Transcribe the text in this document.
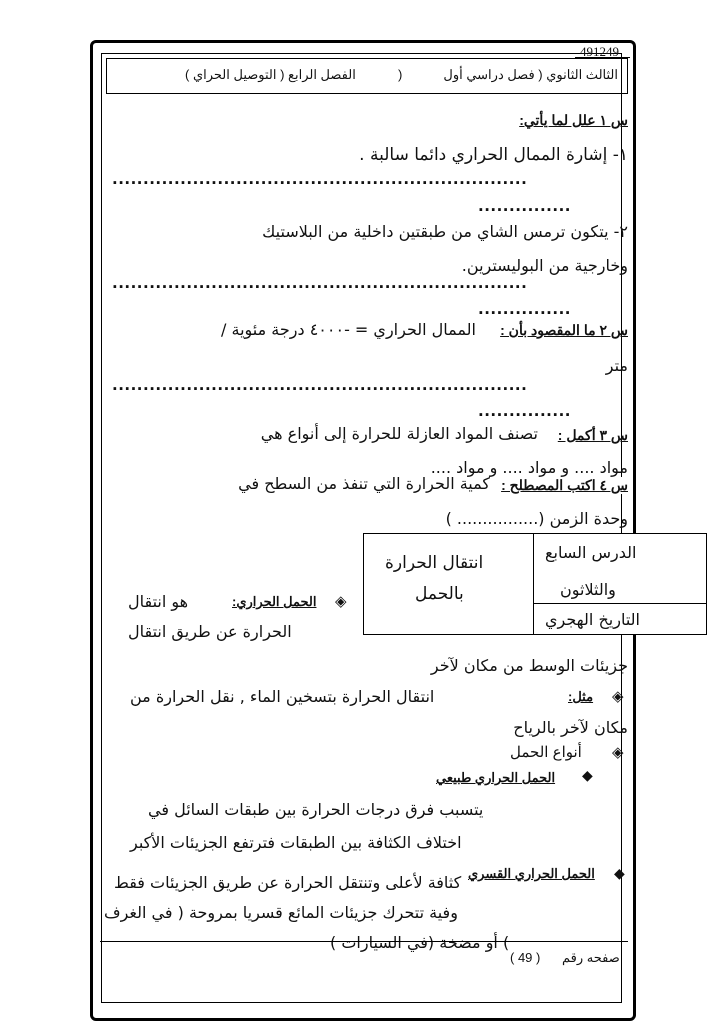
491249
الثالث الثانوي ( فصل دراسي أول
(
الفصل الرابع ( التوصيل الحراي )
س ١ علل لما يأتي:
١- إشارة الممال الحراري دائما سالبة .
...................................................................
...............
٢- يتكون ترمس الشاي من طبقتين داخلية من البلاستيك
وخارجية من البوليسترين.
...................................................................
...............
س ٢ ما المقصود بأن :
الممال الحراري = -٤٠٠٠ درجة مئوية /
متر
...................................................................
...............
س ٣ أكمل :
تصنف المواد العازلة للحرارة إلى أنواع هي
مواد .... و مواد .... و مواد ....
س ٤ اكتب المصطلح :
كمية الحرارة التي تنفذ من السطح في
وحدة الزمن (................ )
الدرس السابع
والثلاثون
التاريخ الهجري
انتقال الحرارة
بالحمل
◈
الحمل الحراري:
هو انتقال
الحرارة عن طريق انتقال
جزيئات الوسط من مكان لآخر
◈
مثل:
انتقال الحرارة بتسخين الماء , نقل الحرارة من
مكان لآخر بالرياح
◈
أنواع الحمل
◆
الحمل الحراري طبيعي
يتسبب فرق درجات الحرارة بين طبقات السائل في
اختلاف الكثافة بين الطبقات فترتفع الجزيئات الأكبر
◆
الحمل الحراري القسري
كثافة لأعلى وتنتقل الحرارة عن طريق الجزيئات فقط
وفية تتحرك جزيئات المائع قسريا بمروحة ( في الغرف
) أو مضخة (في السيارات )
صفحه رقم
( 49 )
